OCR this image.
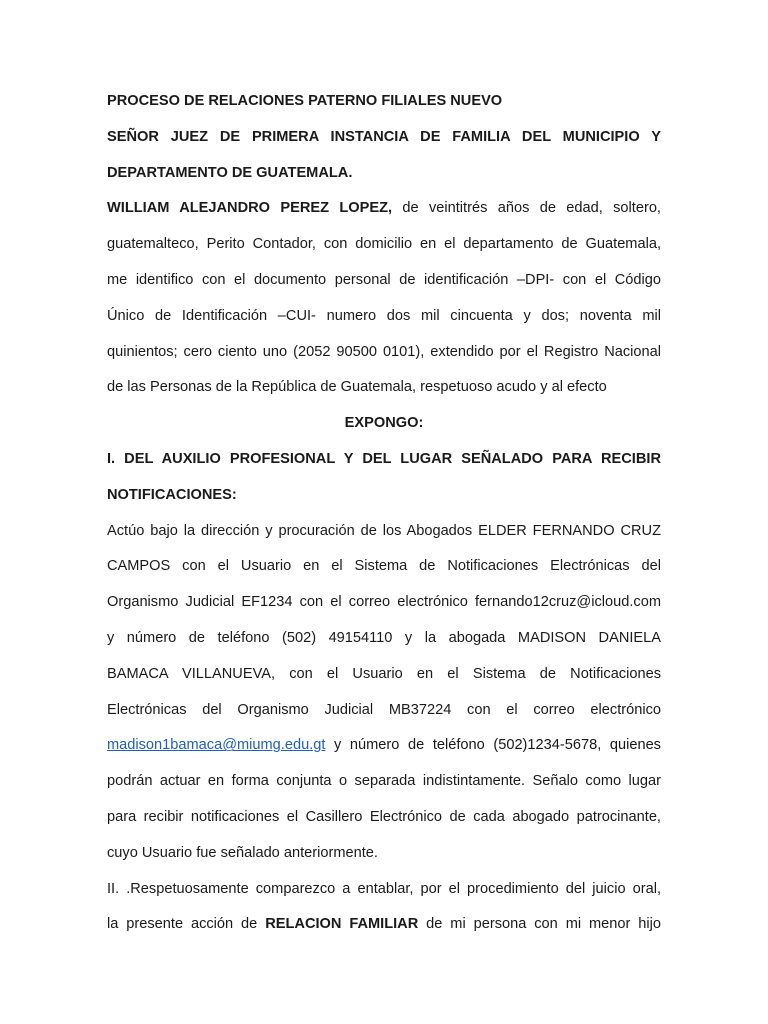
PROCESO DE RELACIONES PATERNO FILIALES NUEVO
SEÑOR JUEZ DE PRIMERA INSTANCIA DE FAMILIA DEL MUNICIPIO Y
DEPARTAMENTO DE GUATEMALA.
WILLIAM ALEJANDRO PEREZ LOPEZ, de veintitrés años de edad, soltero,
guatemalteco, Perito Contador, con domicilio en el departamento de Guatemala,
me identifico con el documento personal de identificación –DPI- con el Código
Único de Identificación –CUI- numero dos mil cincuenta y dos; noventa mil
quinientos; cero ciento uno (2052 90500 0101), extendido por el Registro Nacional
de las Personas de la República de Guatemala, respetuoso acudo y al efecto
EXPONGO:
I. DEL AUXILIO PROFESIONAL Y DEL LUGAR SEÑALADO PARA RECIBIR
NOTIFICACIONES:
Actúo bajo la dirección y procuración de los Abogados ELDER FERNANDO CRUZ
CAMPOS con el Usuario en el Sistema de Notificaciones Electrónicas del
Organismo Judicial EF1234 con el correo electrónico fernando12cruz@icloud.com
y número de teléfono (502) 49154110 y la abogada MADISON DANIELA
BAMACA VILLANUEVA, con el Usuario en el Sistema de Notificaciones
Electrónicas del Organismo Judicial MB37224 con el correo electrónico
madison1bamaca@miumg.edu.gt y número de teléfono (502)1234-5678, quienes
podrán actuar en forma conjunta o separada indistintamente. Señalo como lugar
para recibir notificaciones el Casillero Electrónico de cada abogado patrocinante,
cuyo Usuario fue señalado anteriormente.
II. .Respetuosamente comparezco a entablar, por el procedimiento del juicio oral,
la presente acción de RELACION FAMILIAR de mi persona con mi menor hijo
